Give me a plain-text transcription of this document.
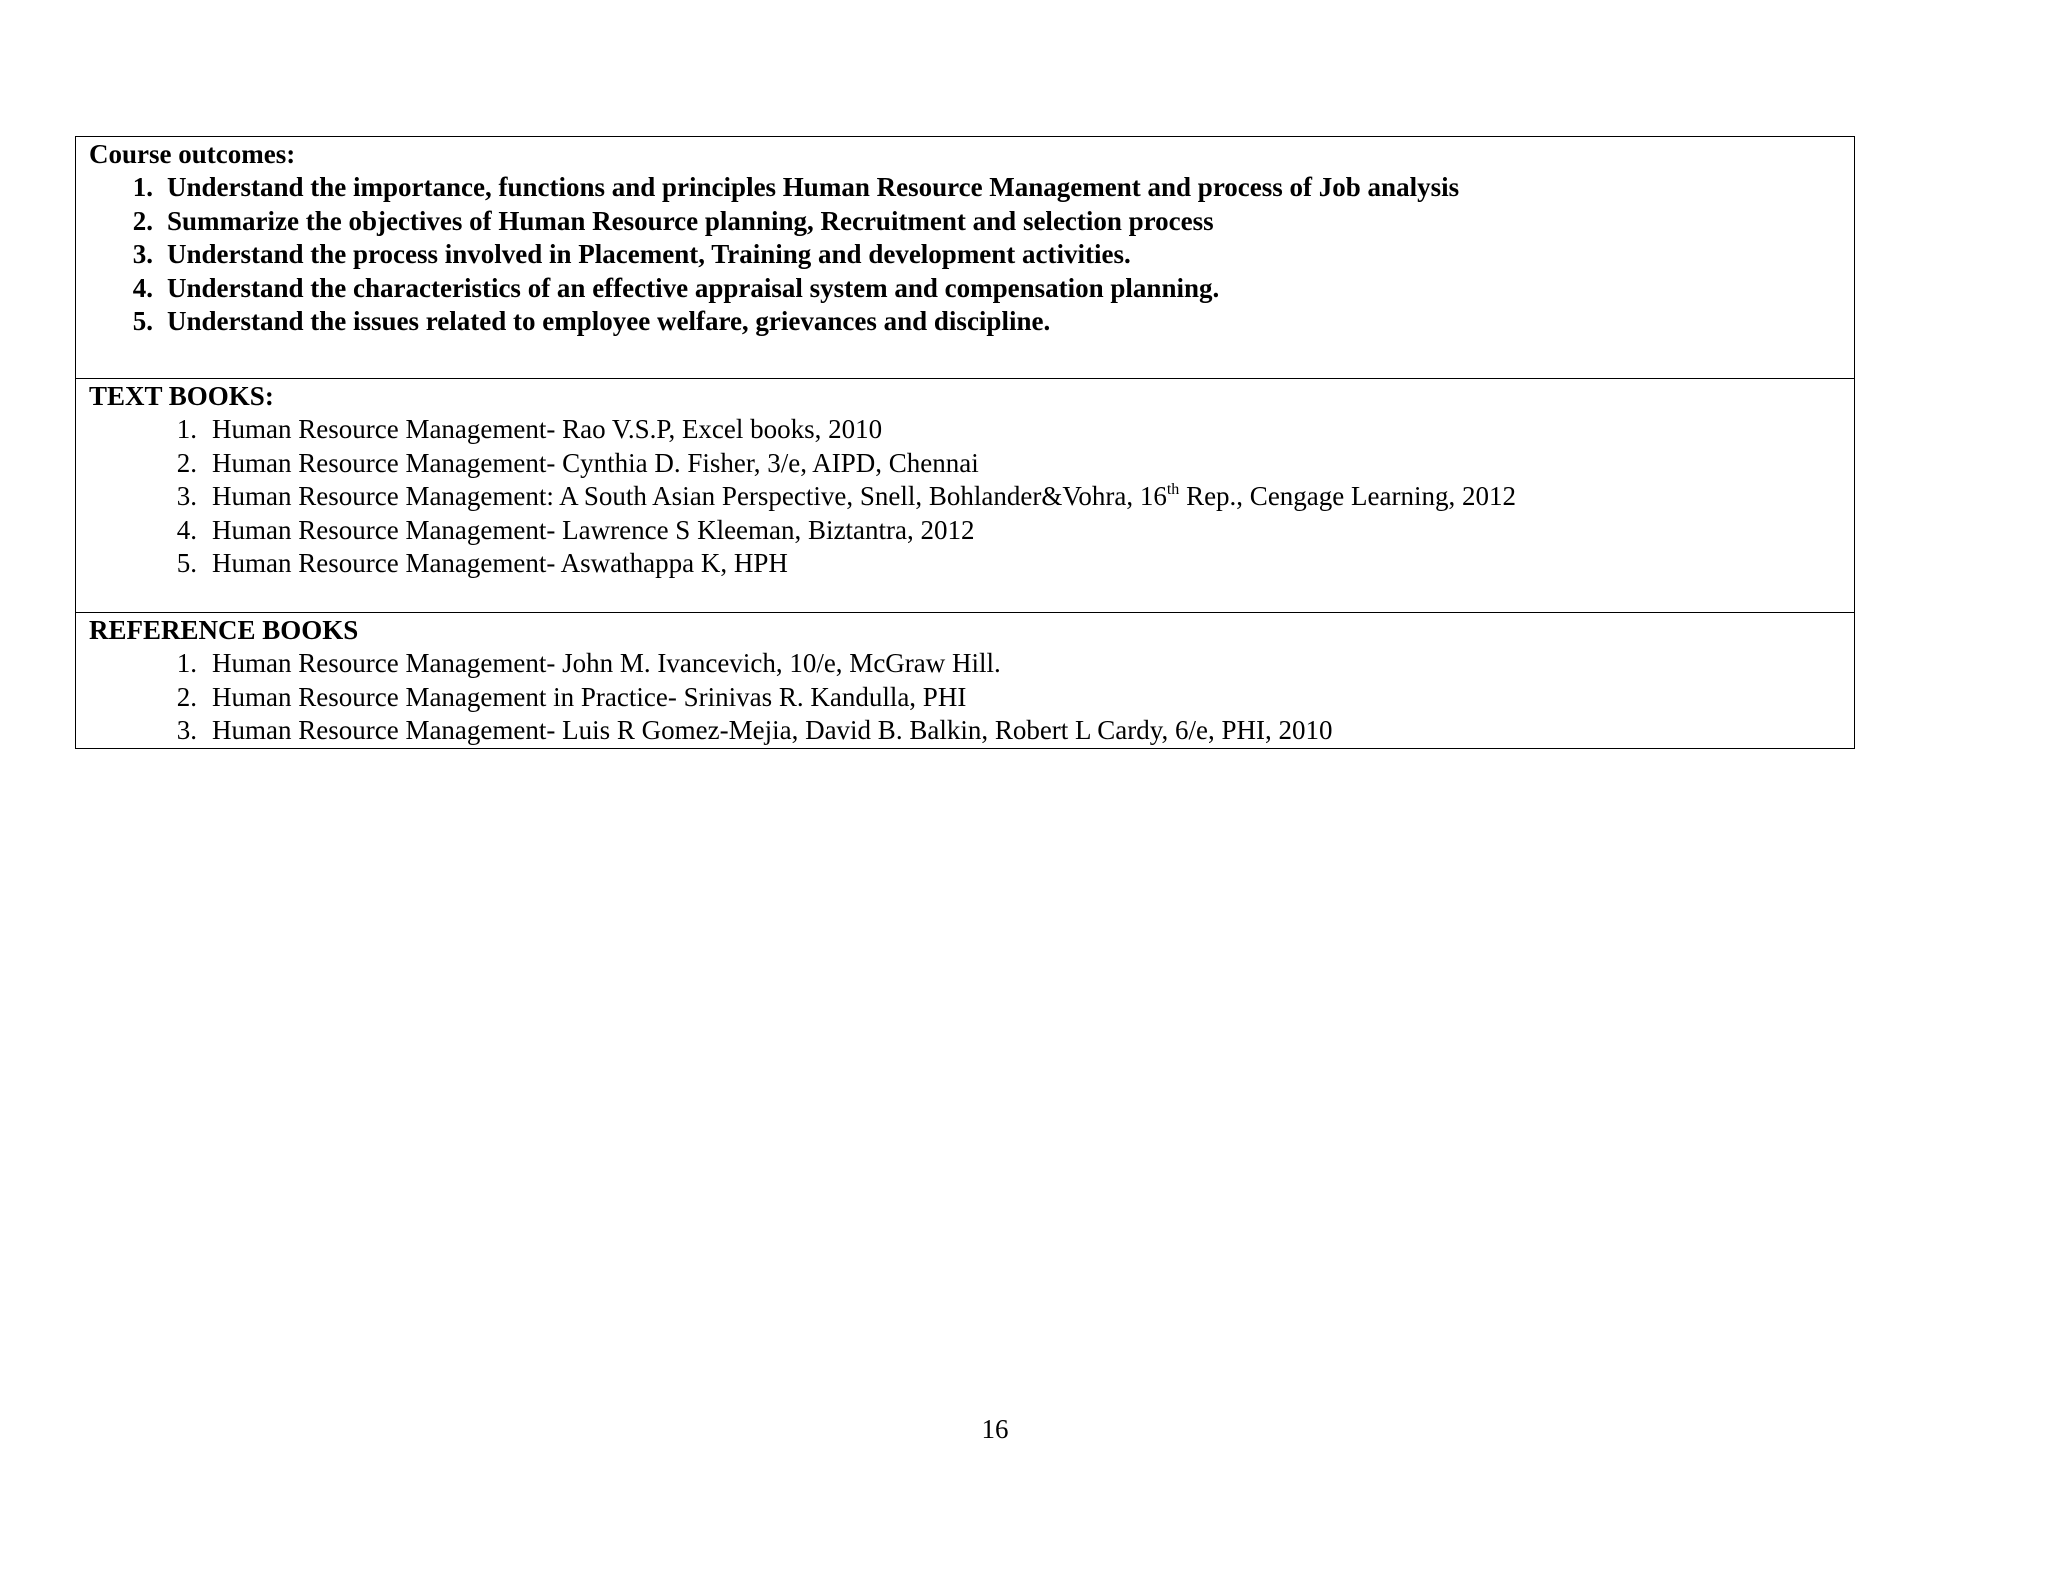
Course outcomes:

1. Understand the importance, functions and principles Human Resource Management and process of Job analysis
2. Summarize the objectives of Human Resource planning, Recruitment and selection process
3. Understand the process involved in Placement, Training and development activities.
4. Understand the characteristics of an effective appraisal system and compensation planning.
5. Understand the issues related to employee welfare, grievances and discipline.

TEXT BOOKS:

1. Human Resource Management- Rao V.S.P, Excel books, 2010
2. Human Resource Management- Cynthia D. Fisher, 3/e, AIPD, Chennai
3. Human Resource Management: A South Asian Perspective, Snell, Bohlander&Vohra, 16th Rep., Cengage Learning, 2012
4. Human Resource Management- Lawrence S Kleeman, Biztantra, 2012
5. Human Resource Management- Aswathappa K, HPH

REFERENCE BOOKS

1. Human Resource Management- John M. Ivancevich, 10/e, McGraw Hill.
2. Human Resource Management in Practice- Srinivas R. Kandulla, PHI
3. Human Resource Management- Luis R Gomez-Mejia, David B. Balkin, Robert L Cardy, 6/e, PHI, 2010
16
